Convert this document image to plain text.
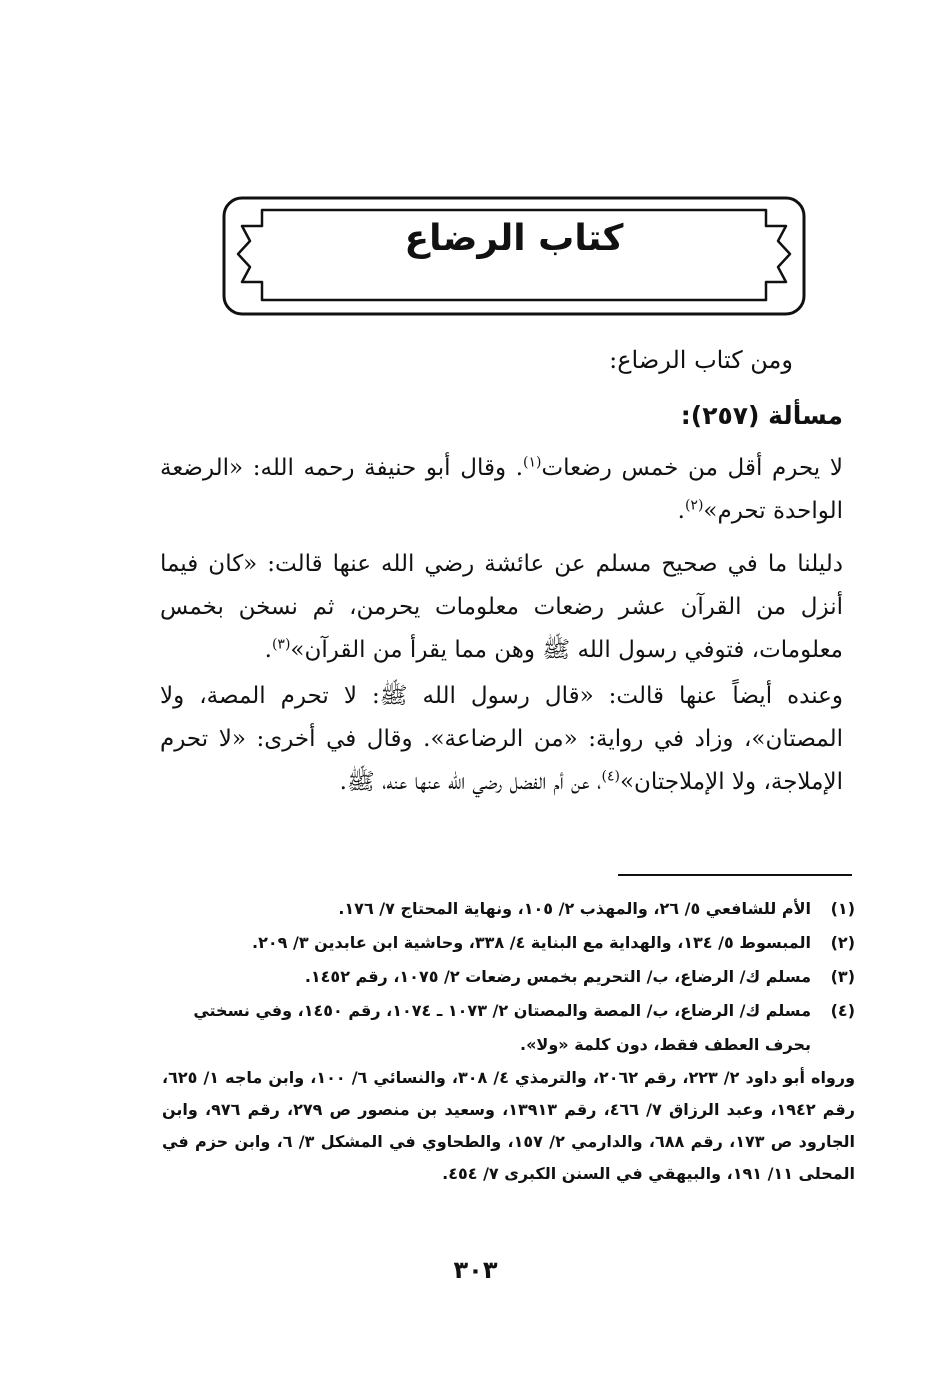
كتاب الرضاع
ومن كتاب الرضاع:
مسألة (٢٥٧):
لا يحرم أقل من خمس رضعات$^{(١)}$. وقال أبو حنيفة رحمه الله: «الرضعة الواحدة تحرم»$^{(٢)}$.
دليلنا ما في صحيح مسلم عن عائشة رضي الله عنها قالت: «كان فيما أنزل من القرآن عشر رضعات معلومات يحرمن، ثم نسخن بخمس معلومات، فتوفي رسول الله ﷺ وهن مما يقرأ من القرآن»$^{(٣)}$.
وعنده أيضاً عنها قالت: «قال رسول الله ﷺ: لا تحرم المصة، ولا المصتان»، وزاد في رواية: «من الرضاعة». وقال في أخرى: «لا تحرم الإملاجة، ولا الإملاجتان»$^{(٤)}$، عن أم الفضل رضي الله عنها عنه، ﷺ.
(١)
الأم للشافعي ٥/ ٢٦، والمهذب ٢/ ١٠٥، ونهاية المحتاج ٧/ ١٧٦.
(٢)
المبسوط ٥/ ١٣٤، والهداية مع البناية ٤/ ٣٣٨، وحاشية ابن عابدين ٣/ ٢٠٩.
(٣)
مسلم ك/ الرضاع، ب/ التحريم بخمس رضعات ٢/ ١٠٧٥، رقم ١٤٥٢.
(٤)
مسلم ك/ الرضاع، ب/ المصة والمصتان ٢/ ١٠٧٣ ـ ١٠٧٤، رقم ١٤٥٠، وفي نسختي بحرف العطف فقط، دون كلمة «ولا».
ورواه أبو داود ٢/ ٢٢٣، رقم ٢٠٦٢، والترمذي ٤/ ٣٠٨، والنسائي ٦/ ١٠٠، وابن ماجه ١/ ٦٢٥، رقم ١٩٤٢، وعبد الرزاق ٧/ ٤٦٦، رقم ١٣٩١٣، وسعيد بن منصور ص ٢٧٩، رقم ٩٧٦، وابن الجارود ص ١٧٣، رقم ٦٨٨، والدارمي ٢/ ١٥٧، والطحاوي في المشكل ٣/ ٦، وابن حزم في المحلى ١١/ ١٩١، والبيهقي في السنن الكبرى ٧/ ٤٥٤.
٣٠٣
